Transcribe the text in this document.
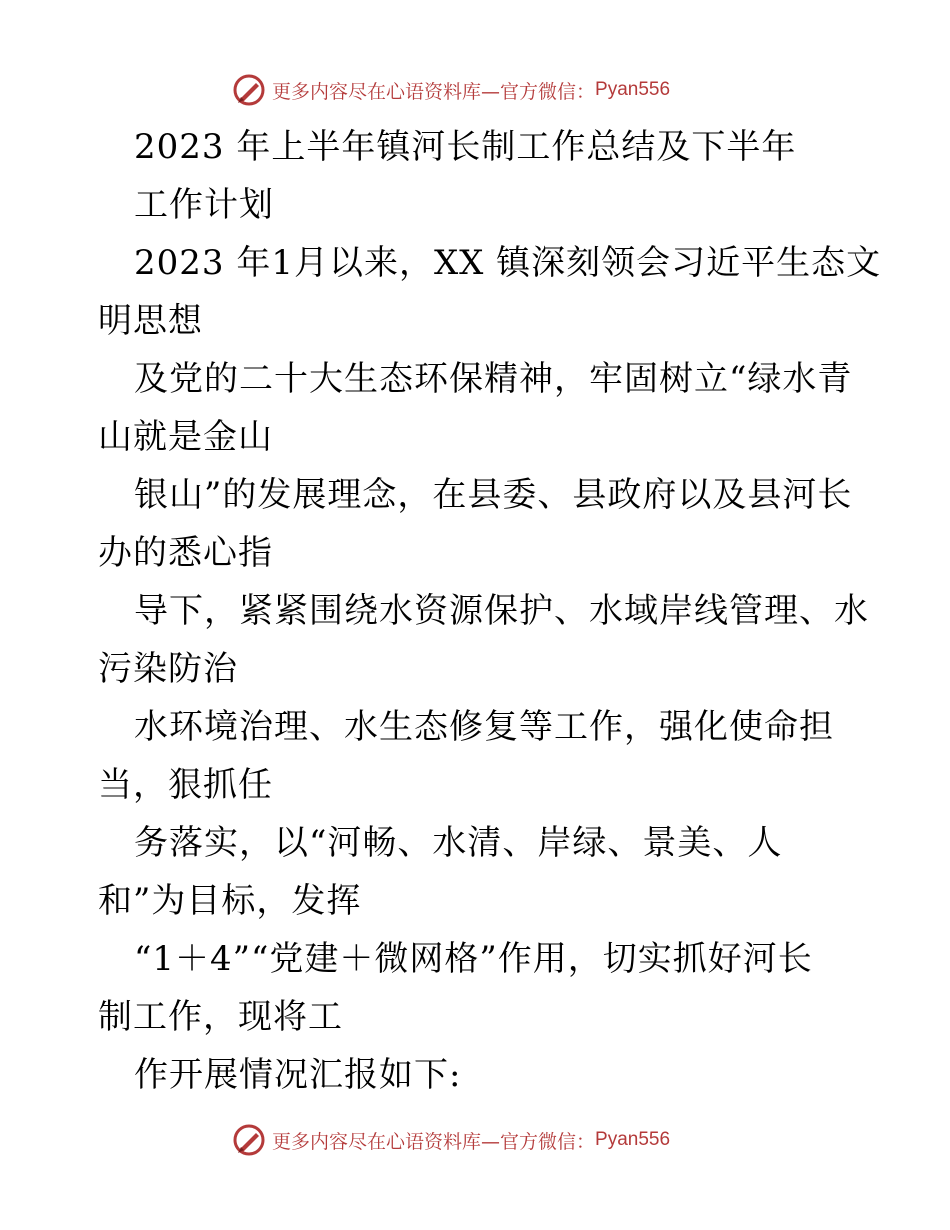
更多内容尽在心语资料库—官方微信： Pyan556
2023 年上半年镇河长制工作总结及下半年
工作计划
2023 年1月以来，XX 镇深刻领会习近平生态文
明思想
及党的二十大生态环保精神，牢固树立“绿水青
山就是金山
银山”的发展理念，在县委、县政府以及县河长
办的悉心指
导下，紧紧围绕水资源保护、水域岸线管理、水
污染防治
水环境治理、水生态修复等工作，强化使命担
当，狠抓任
务落实，以“河畅、水清、岸绿、景美、人
和”为目标，发挥
“1＋4”“党建＋微网格”作用，切实抓好河长
制工作，现将工
作开展情况汇报如下:
更多内容尽在心语资料库—官方微信： Pyan556
